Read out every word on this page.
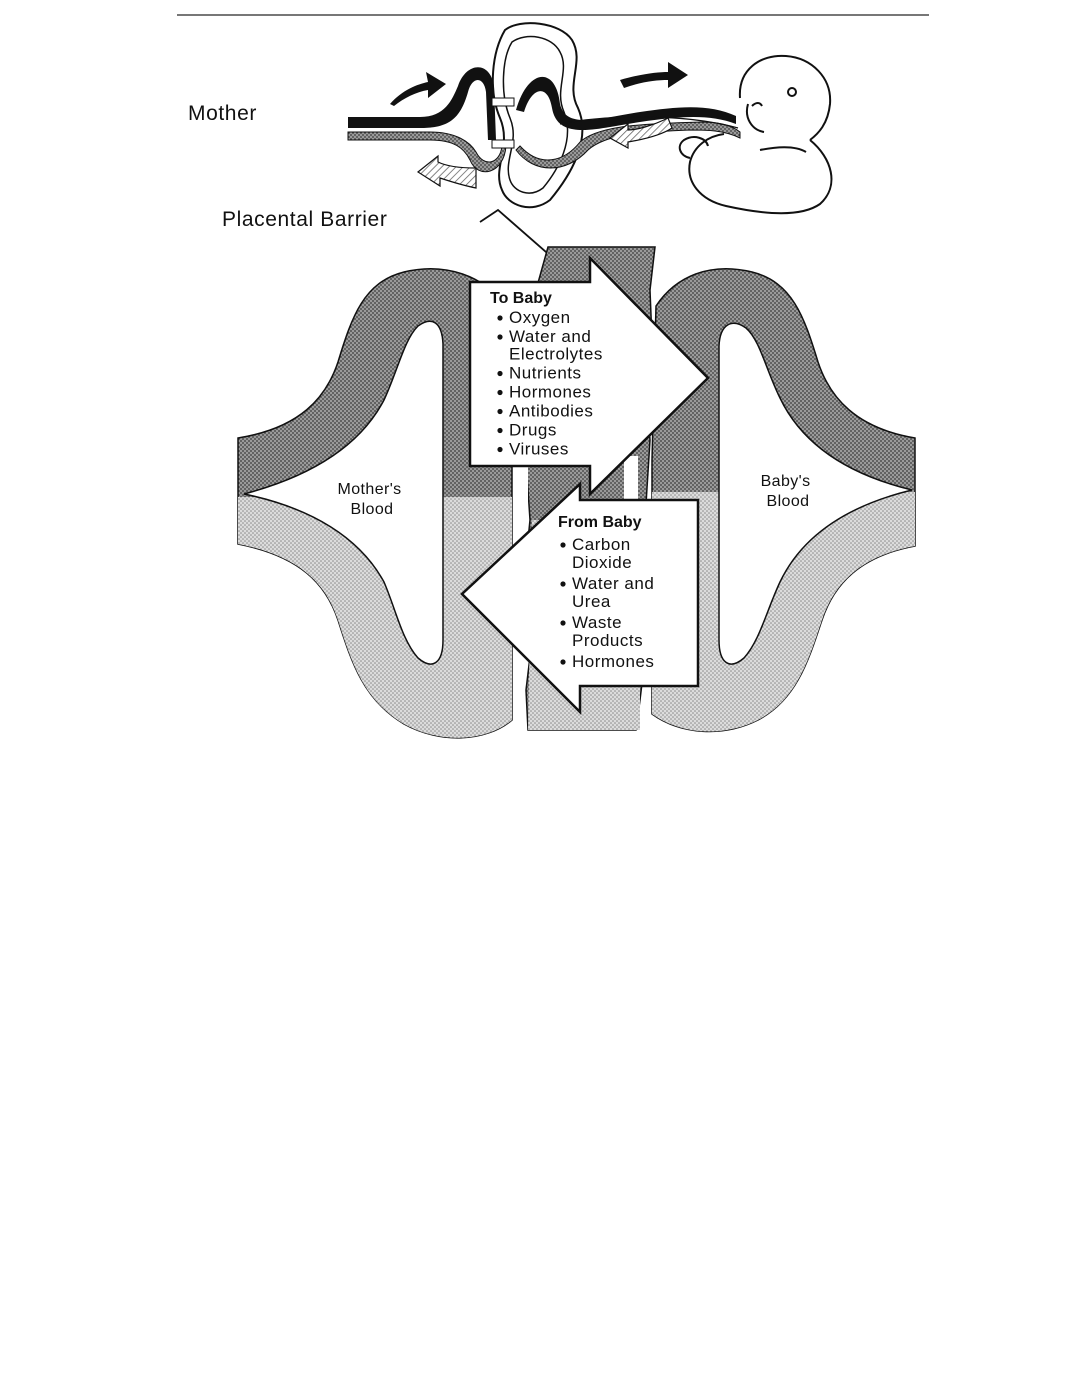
Mother
Placental Barrier
Mother's Blood
Baby's Blood
To Baby
Oxygen
Water and Electrolytes
Nutrients
Hormones
Antibodies
Drugs
Viruses
From Baby
Carbon Dioxide
Water and Urea
Waste Products
Hormones
